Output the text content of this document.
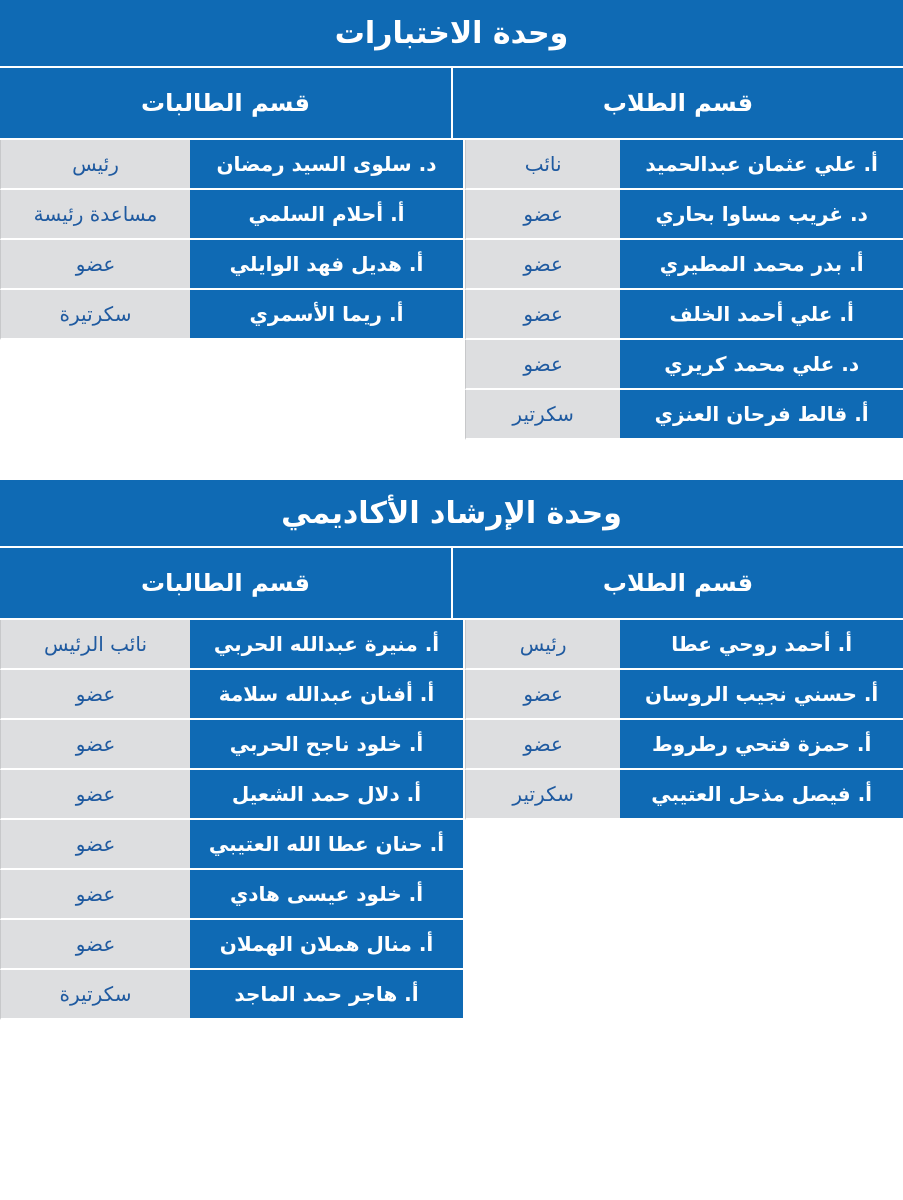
وحدة الاختبارات
قسم الطالبات	قسم الطلاب
رئيس	د. سلوى السيد رمضان
مساعدة رئيسة	أ. أحلام السلمي
عضو	أ. هديل فهد الوايلي
سكرتيرة	أ. ريما الأسمري
نائب	أ. علي عثمان عبدالحميد
عضو	د. غريب مساوا بحاري
عضو	أ. بدر محمد المطيري
عضو	أ. علي أحمد الخلف
عضو	د. علي محمد كريري
سكرتير	أ. قالط فرحان العنزي
وحدة الإرشاد الأكاديمي
قسم الطالبات	قسم الطلاب
نائب الرئيس	أ. منيرة عبدالله الحربي
عضو	أ. أفنان عبدالله سلامة
عضو	أ. خلود ناجح الحربي
عضو	أ. دلال حمد الشعيل
عضو	أ. حنان عطا الله العتيبي
عضو	أ. خلود عيسى هادي
عضو	أ. منال هملان الهملان
سكرتيرة	أ. هاجر حمد الماجد
رئيس	أ. أحمد روحي عطا
عضو	أ. حسني نجيب الروسان
عضو	أ. حمزة فتحي رطروط
سكرتير	أ. فيصل مذحل العتيبي
